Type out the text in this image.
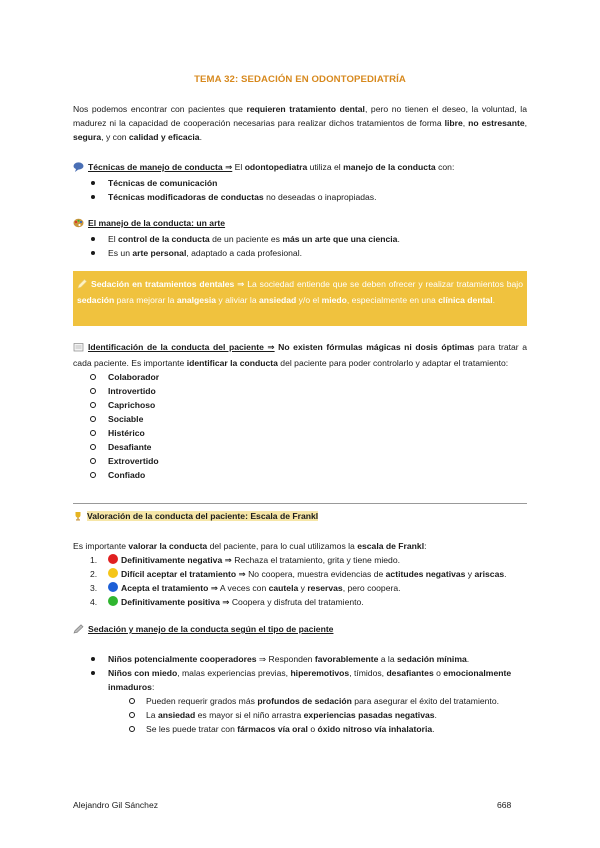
TEMA 32: SEDACIÓN EN ODONTOPEDIATRÍA
Nos podemos encontrar con pacientes que requieren tratamiento dental, pero no tienen el deseo, la voluntad, la madurez ni la capacidad de cooperación necesarias para realizar dichos tratamientos de forma libre, no estresante, segura, y con calidad y eficacia.
Técnicas de manejo de conducta ⇒ El odontopediatra utiliza el manejo de la conducta con:
Técnicas de comunicación
Técnicas modificadoras de conductas no deseadas o inapropiadas.
El manejo de la conducta: un arte
El control de la conducta de un paciente es más un arte que una ciencia.
Es un arte personal, adaptado a cada profesional.
Sedación en tratamientos dentales ⇒ La sociedad entiende que se deben ofrecer y realizar tratamientos bajo sedación para mejorar la analgesia y aliviar la ansiedad y/o el miedo, especialmente en una clínica dental.
Identificación de la conducta del paciente ⇒ No existen fórmulas mágicas ni dosis óptimas para tratar a cada paciente. Es importante identificar la conducta del paciente para poder controlarlo y adaptar el tratamiento:
Colaborador
Introvertido
Caprichoso
Sociable
Histérico
Desafiante
Extrovertido
Confiado
Valoración de la conducta del paciente: Escala de Frankl
Es importante valorar la conducta del paciente, para lo cual utilizamos la escala de Frankl:
1.	Definitivamente negativa ⇒ Rechaza el tratamiento, grita y tiene miedo.
2.	Difícil aceptar el tratamiento ⇒ No coopera, muestra evidencias de actitudes negativas y ariscas.
3.	Acepta el tratamiento ⇒ A veces con cautela y reservas, pero coopera.
4.	Definitivamente positiva ⇒ Coopera y disfruta del tratamiento.
Sedación y manejo de la conducta según el tipo de paciente
Niños potencialmente cooperadores ⇒ Responden favorablemente a la sedación mínima.
Niños con miedo, malas experiencias previas, hiperemotivos, tímidos, desafiantes o emocionalmente inmaduros:
Pueden requerir grados más profundos de sedación para asegurar el éxito del tratamiento.
La ansiedad es mayor si el niño arrastra experiencias pasadas negativas.
Se les puede tratar con fármacos vía oral o óxido nitroso vía inhalatoria.
Alejandro Gil Sánchez	668
